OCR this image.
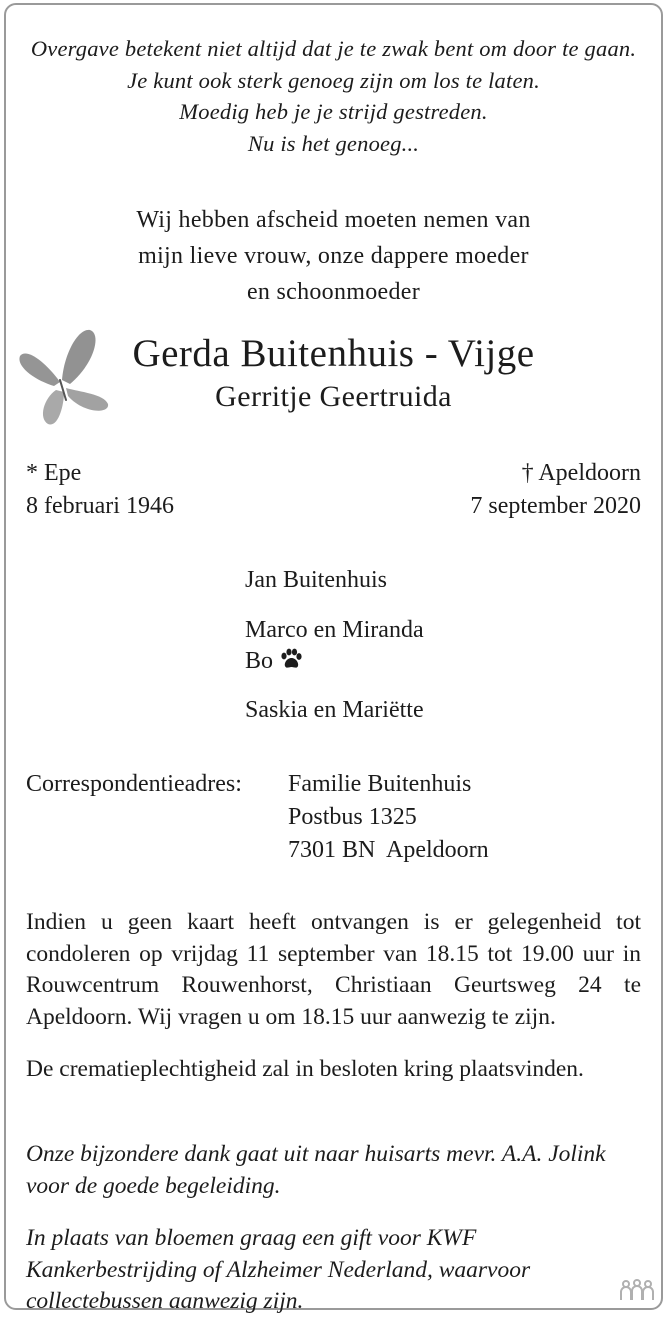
Overgave betekent niet altijd dat je te zwak bent om door te gaan.
Je kunt ook sterk genoeg zijn om los te laten.
Moedig heb je je strijd gestreden.
Nu is het genoeg...
Wij hebben afscheid moeten nemen van
mijn lieve vrouw, onze dappere moeder
en schoonmoeder
Gerda Buitenhuis - Vijge
Gerritje Geertruida
* Epe
8 februari 1946
† Apeldoorn
7 september 2020
Jan Buitenhuis
Marco en Miranda
Bo
Saskia en Mariëtte
Correspondentieadres: Familie Buitenhuis
Postbus 1325
7301 BN  Apeldoorn
Indien u geen kaart heeft ontvangen is er gelegenheid tot condoleren op vrijdag 11 september van 18.15 tot 19.00 uur in Rouwcentrum Rouwenhorst, Christiaan Geurtsweg 24 te Apeldoorn. Wij vragen u om 18.15 uur aanwezig te zijn.
De crematieplechtigheid zal in besloten kring plaatsvinden.
Onze bijzondere dank gaat uit naar huisarts mevr. A.A. Jolink voor de goede begeleiding.
In plaats van bloemen graag een gift voor KWF Kankerbestrijding of Alzheimer Nederland, waarvoor collectebussen aanwezig zijn.
